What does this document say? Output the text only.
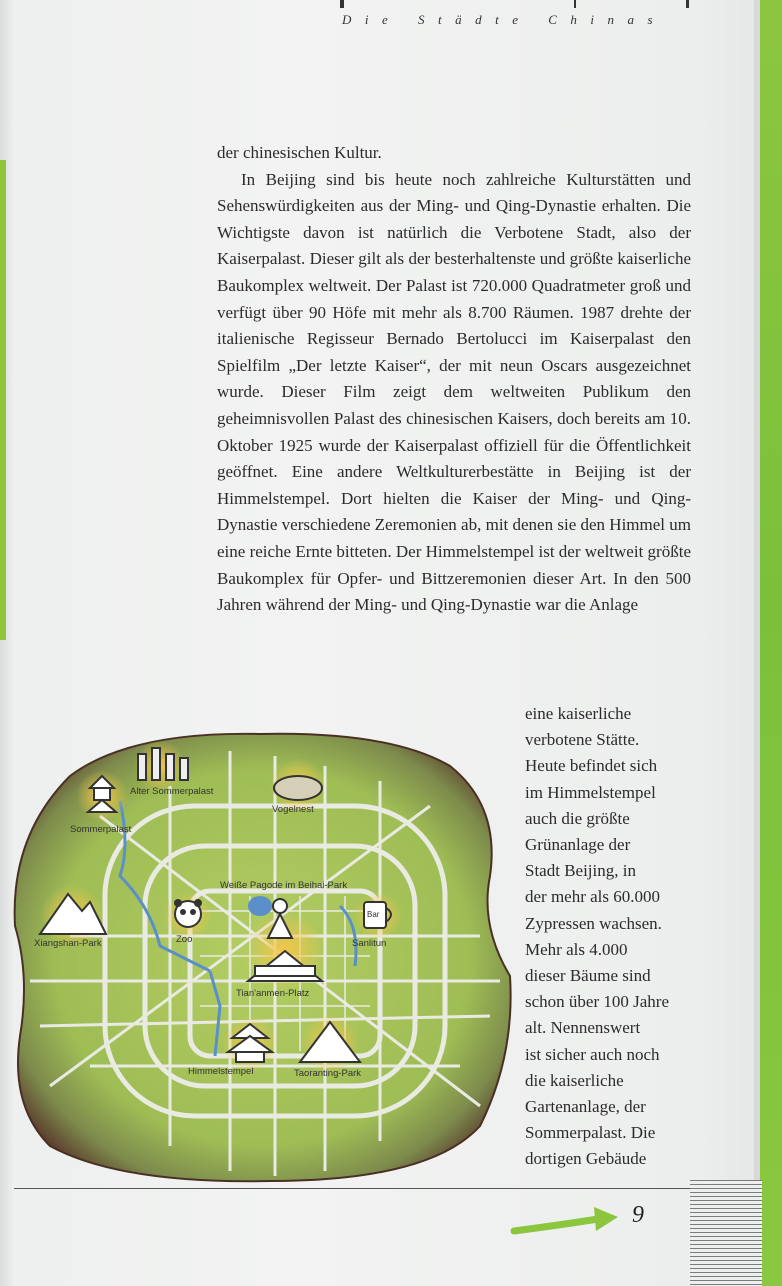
Die Städte Chinas

der chinesischen Kultur.

In Beijing sind bis heute noch zahlreiche Kulturstätten und Sehenswürdigkeiten aus der Ming- und Qing-Dynastie erhalten. Die Wichtigste davon ist natürlich die Verbotene Stadt, also der Kaiserpalast. Dieser gilt als der besterhaltenste und größte kaiserliche Baukomplex weltweit. Der Palast ist 720.000 Quadratmeter groß und verfügt über 90 Höfe mit mehr als 8.700 Räumen. 1987 drehte der italienische Regisseur Bernado Bertolucci im Kaiserpalast den Spielfilm „Der letzte Kaiser“, der mit neun Oscars ausgezeichnet wurde. Dieser Film zeigt dem weltweiten Publikum den geheimnisvollen Palast des chinesischen Kaisers, doch bereits am 10. Oktober 1925 wurde der Kaiserpalast offiziell für die Öffentlichkeit geöffnet. Eine andere Weltkulturerbestätte in Beijing ist der Himmelstempel. Dort hielten die Kaiser der Ming- und Qing-Dynastie verschiedene Zeremonien ab, mit denen sie den Himmel um eine reiche Ernte bitteten. Der Himmelstempel ist der weltweit größte Baukomplex für Opfer- und Bittzeremonien dieser Art. In den 500 Jahren während der Ming- und Qing-Dynastie war die Anlage

eine kaiserliche
verbotene Stätte.
Heute befindet sich
im Himmelstempel
auch die größte
Grünanlage der
Stadt Beijing, in
der mehr als 60.000
Zypressen wachsen.
Mehr als 4.000
dieser Bäume sind
schon über 100 Jahre
alt. Nennenswert
ist sicher auch noch
die kaiserliche
Gartenanlage, der
Sommerpalast. Die
dortigen Gebäude
Bar
Alter Sommerpalast
Sommerpalast
Vogelnest
Weiße Pagode im Beihai-Park
Xiangshan-Park	Zoo	Sanlitun
Tian'anmen-Platz
Himmelstempel	Taoranting-Park
9
